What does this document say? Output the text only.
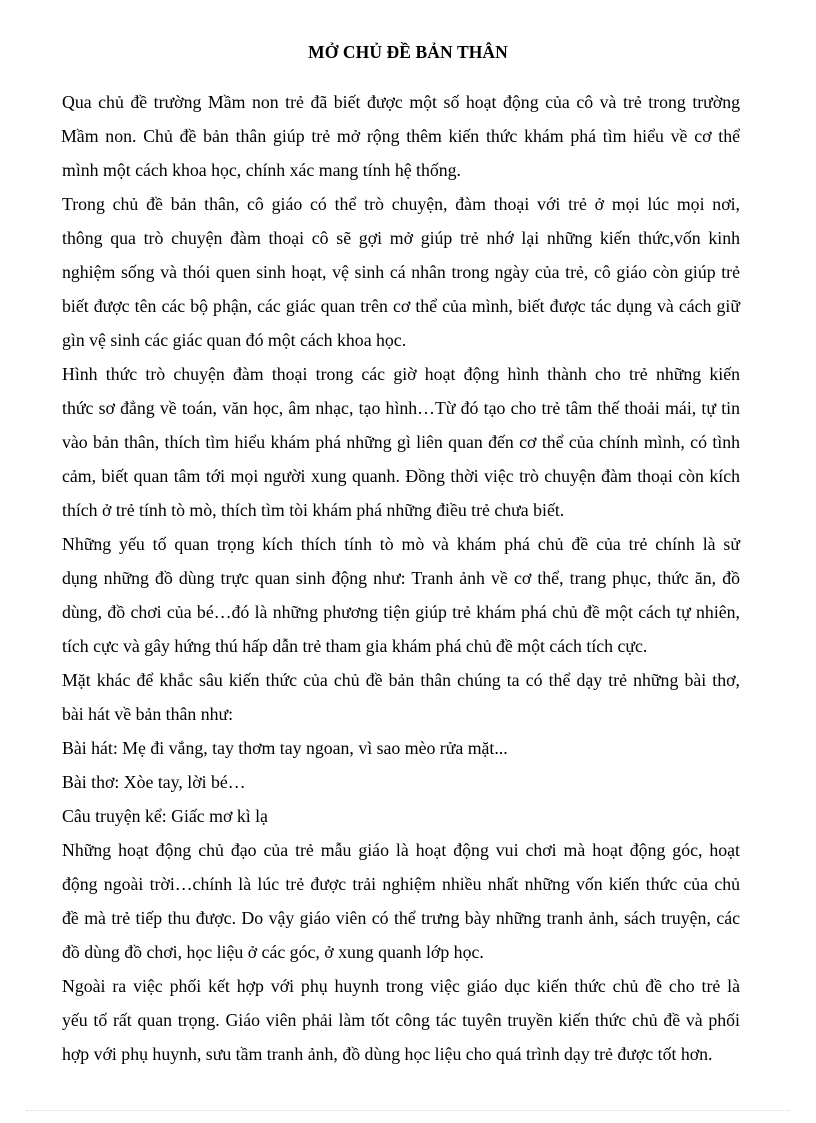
MỞ CHỦ ĐỀ BẢN THÂN
Qua chủ đề trường Mầm non trẻ đã biết được một số hoạt động của cô và trẻ trong trường
Mầm non. Chủ đề bản thân giúp trẻ mở rộng thêm kiến thức khám phá tìm hiểu về cơ thể
mình một cách khoa học, chính xác mang tính hệ thống.
Trong chủ đề bản thân, cô giáo có thể trò chuyện, đàm thoại với trẻ ở mọi lúc mọi nơi,
thông qua trò chuyện đàm thoại cô sẽ gợi mở giúp trẻ nhớ lại những kiến thức,vốn kinh
nghiệm sống và thói quen sinh hoạt, vệ sinh cá nhân trong ngày của trẻ, cô giáo còn giúp trẻ
biết được tên các bộ phận, các giác quan trên cơ thể của mình, biết được tác dụng và cách giữ
gìn vệ sinh các giác quan đó một cách khoa học.
Hình thức trò chuyện đàm thoại trong các giờ hoạt động hình thành cho trẻ những kiến
thức sơ đẳng về toán, văn học, âm nhạc, tạo hình…Từ đó tạo cho trẻ tâm thế thoải mái, tự tin
vào bản thân, thích tìm hiểu khám phá những gì liên quan đến cơ thể của chính mình, có tình
cảm, biết quan tâm tới mọi người xung quanh. Đồng thời việc trò chuyện đàm thoại còn kích
thích ở trẻ tính tò mò, thích tìm tòi khám phá những điều trẻ chưa biết.
Những yếu tố quan trọng kích thích tính tò mò và khám phá chủ đề của trẻ chính là sử
dụng những đồ dùng trực quan sinh động như: Tranh ảnh về cơ thể, trang phục, thức ăn, đồ
dùng, đồ chơi của bé…đó là những phương tiện giúp trẻ khám phá chủ đề một cách tự nhiên,
tích cực và gây hứng thú hấp dẫn trẻ tham gia khám phá chủ đề một cách tích cực.
Mặt khác để khắc sâu kiến thức của chủ đề bản thân chúng ta có thể dạy trẻ những bài thơ,
bài hát về bản thân như:
Bài hát: Mẹ đi vắng, tay thơm tay ngoan, vì sao mèo rửa mặt...
Bài thơ: Xòe tay, lời bé…
Câu truyện kể: Giấc mơ kì lạ
Những hoạt động chủ đạo của trẻ mẫu giáo là hoạt động vui chơi mà hoạt động góc, hoạt
động ngoài trời…chính là lúc trẻ được trải nghiệm nhiều nhất những vốn kiến thức của chủ
đề mà trẻ tiếp thu được. Do vậy giáo viên có thể trưng bày những tranh ảnh, sách truyện, các
đồ dùng đồ chơi, học liệu ở các góc, ở xung quanh lớp học.
Ngoài ra việc phối kết hợp với phụ huynh trong việc giáo dục kiến thức chủ đề cho trẻ là
yếu tố rất quan trọng. Giáo viên phải làm tốt công tác tuyên truyền kiến thức chủ đề và phối
hợp với phụ huynh, sưu tầm tranh ảnh, đồ dùng học liệu cho quá trình dạy trẻ được tốt hơn.
